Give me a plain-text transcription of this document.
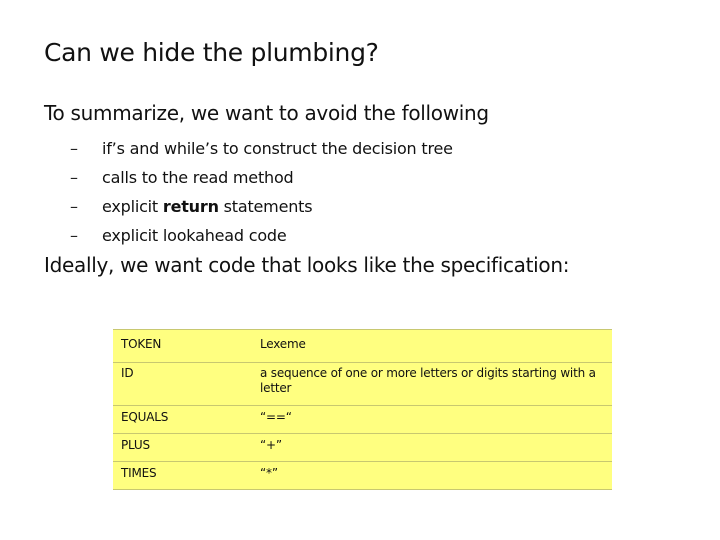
Can we hide the plumbing?
To summarize, we want to avoid the following
–	if’s and while’s to construct the decision tree
–	calls to the read method
–	explicit return statements
–	explicit lookahead code
Ideally, we want code that looks like the specification:
TOKEN	Lexeme
ID	a sequence of one or more letters or digits starting with a letter
EQUALS	“==“
PLUS	“+”
TIMES	“*”
